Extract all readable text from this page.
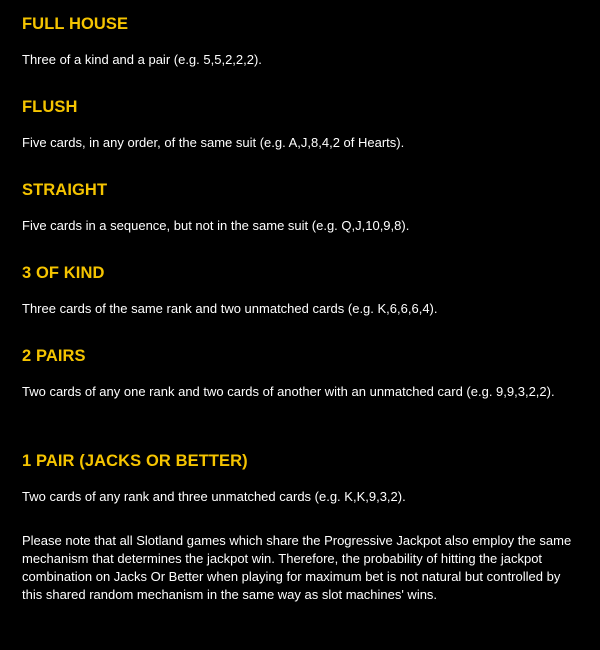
FULL HOUSE

Three of a kind and a pair (e.g. 5,5,2,2,2).

FLUSH

Five cards, in any order, of the same suit (e.g. A,J,8,4,2 of Hearts).

STRAIGHT

Five cards in a sequence, but not in the same suit (e.g. Q,J,10,9,8).

3 OF KIND

Three cards of the same rank and two unmatched cards (e.g. K,6,6,6,4).

2 PAIRS

Two cards of any one rank and two cards of another with an unmatched card (e.g. 9,9,3,2,2).

1 PAIR (JACKS OR BETTER)

Two cards of any rank and three unmatched cards (e.g. K,K,9,3,2).

Please note that all Slotland games which share the Progressive Jackpot also employ the same mechanism that determines the jackpot win. Therefore, the probability of hitting the jackpot combination on Jacks Or Better when playing for maximum bet is not natural but controlled by this shared random mechanism in the same way as slot machines' wins.
